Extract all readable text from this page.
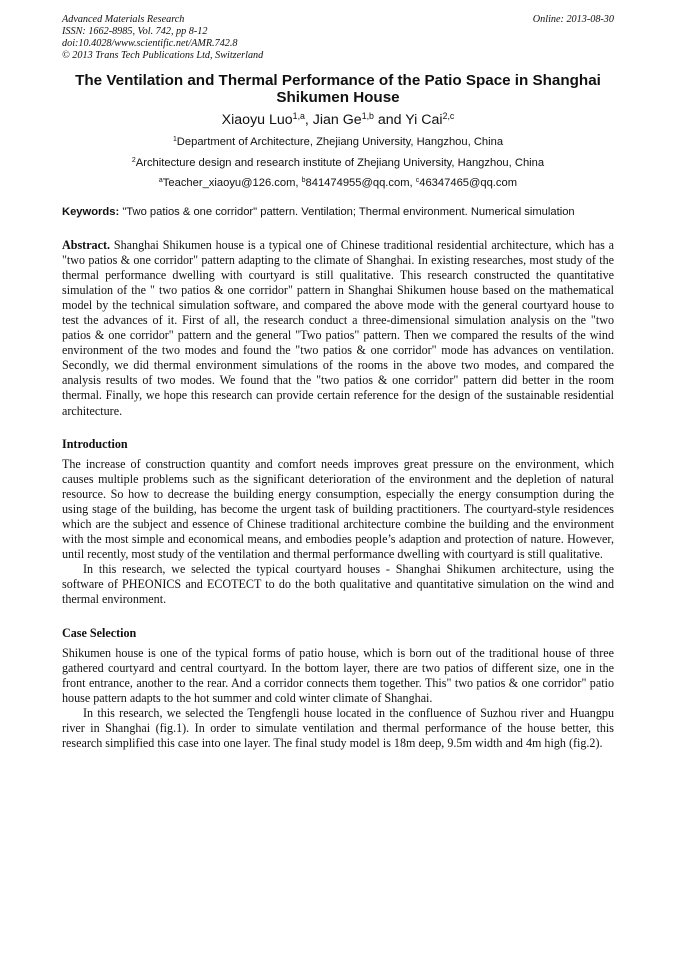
Advanced Materials Research
ISSN: 1662-8985, Vol. 742, pp 8-12
doi:10.4028/www.scientific.net/AMR.742.8
© 2013 Trans Tech Publications Ltd, Switzerland
Online: 2013-08-30
The Ventilation and Thermal Performance of the Patio Space in Shanghai Shikumen House
Xiaoyu Luo$^{1,a}$, Jian Ge$^{1,b}$ and Yi Cai$^{2,c}$
$^1$Department of Architecture, Zhejiang University, Hangzhou, China
$^2$Architecture design and research institute of Zhejiang University, Hangzhou, China
$^a$Teacher_xiaoyu@126.com, $^b$841474955@qq.com, $^c$46347465@qq.com
Keywords: "Two patios & one corridor" pattern. Ventilation; Thermal environment. Numerical simulation
Abstract. Shanghai Shikumen house is a typical one of Chinese traditional residential architecture, which has a "two patios & one corridor" pattern adapting to the climate of Shanghai. In existing researches, most study of the thermal performance dwelling with courtyard is still qualitative. This research constructed the quantitative simulation of the " two patios & one corridor" pattern in Shanghai Shikumen house based on the mathematical model by the technical simulation software, and compared the above mode with the general courtyard house to test the advances of it. First of all, the research conduct a three-dimensional simulation analysis on the "two patios & one corridor" pattern and the general "Two patios" pattern. Then we compared the results of the wind environment of the two modes and found the "two patios & one corridor" mode has advances on ventilation. Secondly, we did thermal environment simulations of the rooms in the above two modes, and compared the analysis results of two modes. We found that the "two patios & one corridor" pattern did better in the room thermal. Finally, we hope this research can provide certain reference for the design of the sustainable residential architecture.
Introduction

The increase of construction quantity and comfort needs improves great pressure on the environment, which causes multiple problems such as the significant deterioration of the environment and the depletion of natural resource. So how to decrease the building energy consumption, especially the energy consumption during the using stage of the building, has become the urgent task of building practitioners. The courtyard-style residences which are the subject and essence of Chinese traditional architecture combine the building and the environment with the most simple and economical means, and embodies people’s adaption and protection of nature. However, until recently, most study of the ventilation and thermal performance dwelling with courtyard is still qualitative.

In this research, we selected the typical courtyard houses - Shanghai Shikumen architecture, using the software of PHEONICS and ECOTECT to do the both qualitative and quantitative simulation on the wind and thermal environment.

Case Selection

Shikumen house is one of the typical forms of patio house, which is born out of the traditional house of three gathered courtyard and central courtyard. In the bottom layer, there are two patios of different size, one in the front entrance, another to the rear. And a corridor connects them together. This" two patios & one corridor" patio house pattern adapts to the hot summer and cold winter climate of Shanghai.

In this research, we selected the Tengfengli house located in the confluence of Suzhou river and Huangpu river in Shanghai (fig.1). In order to simulate ventilation and thermal performance of the house better, this research simplified this case into one layer. The final study model is 18m deep, 9.5m width and 4m high (fig.2).
